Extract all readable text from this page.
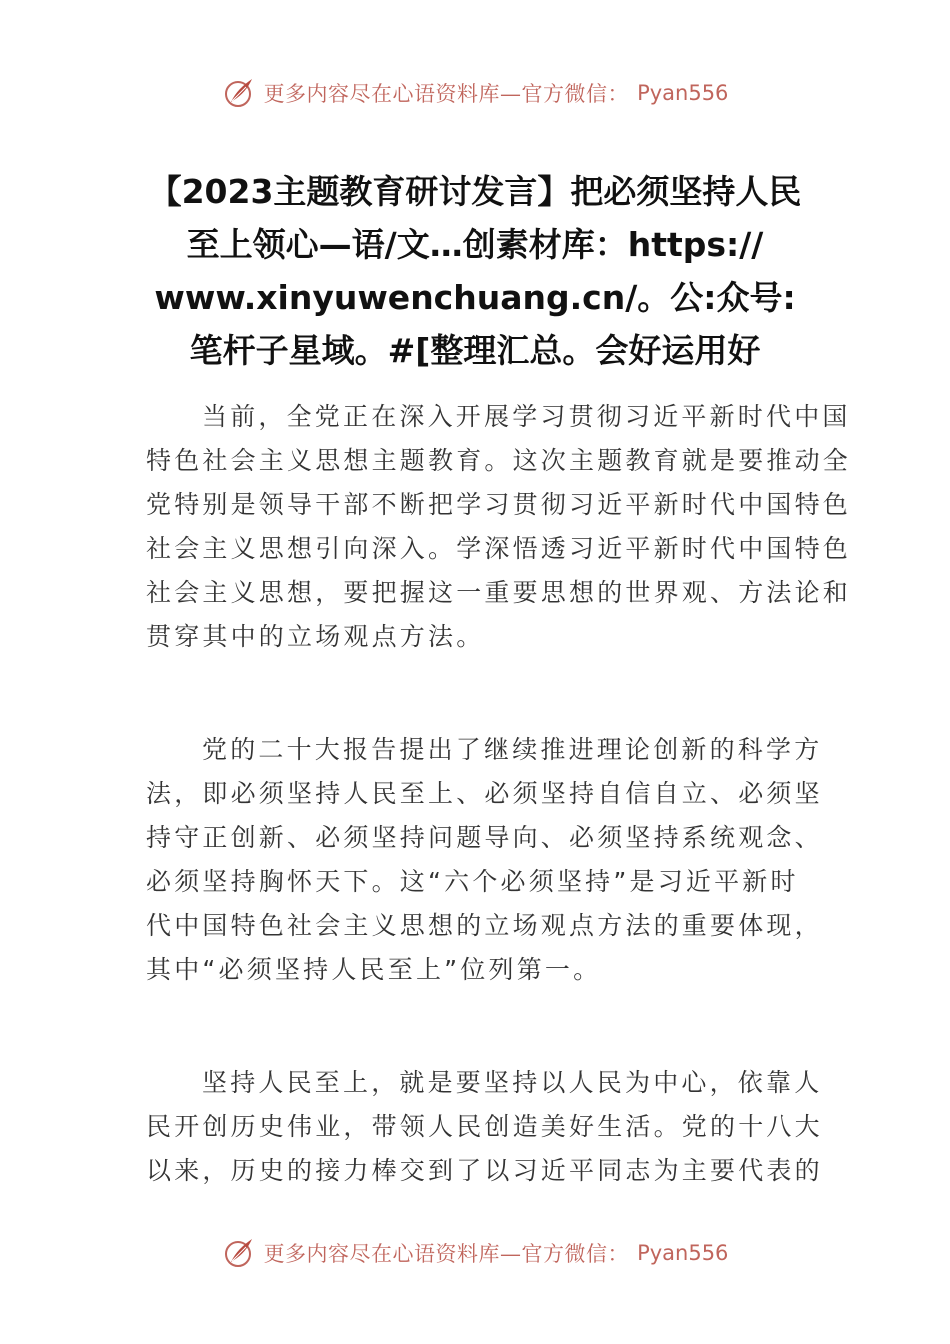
更多内容尽在心语资料库—官方微信： Pyan556
【2023主题教育研讨发言】把必须坚持人民
至上领心—语/文…创素材库：https://
www.xinyuwenchuang.cn/。公:众号:
笔杆子星域。#[整理汇总。会好运用好
当前，全党正在深入开展学习贯彻习近平新时代中国
特色社会主义思想主题教育。这次主题教育就是要推动全
党特别是领导干部不断把学习贯彻习近平新时代中国特色
社会主义思想引向深入。学深悟透习近平新时代中国特色
社会主义思想，要把握这一重要思想的世界观、方法论和
贯穿其中的立场观点方法。
党的二十大报告提出了继续推进理论创新的科学方
法，即必须坚持人民至上、必须坚持自信自立、必须坚
持守正创新、必须坚持问题导向、必须坚持系统观念、
必须坚持胸怀天下。这“六个必须坚持”是习近平新时
代中国特色社会主义思想的立场观点方法的重要体现，
其中“必须坚持人民至上”位列第一。
坚持人民至上，就是要坚持以人民为中心，依靠人
民开创历史伟业，带领人民创造美好生活。党的十八大
以来，历史的接力棒交到了以习近平同志为主要代表的
更多内容尽在心语资料库—官方微信： Pyan556
